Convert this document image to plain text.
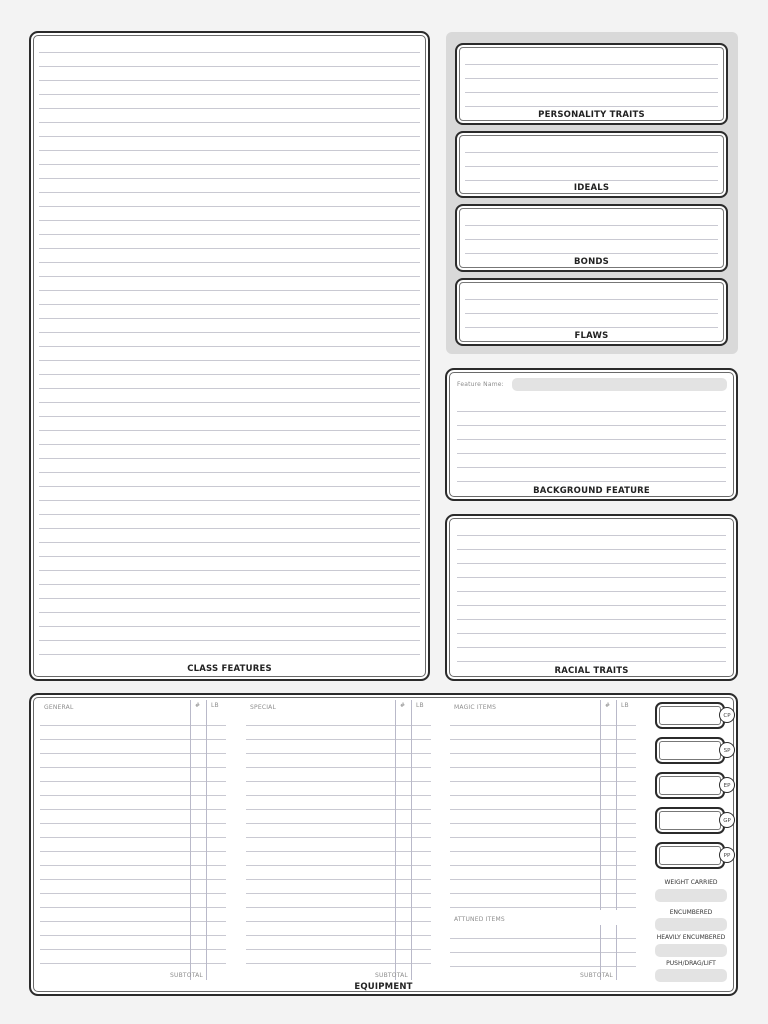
CLASS FEATURES
PERSONALITY TRAITS
IDEALS
BONDS
FLAWS
Feature Name:
BACKGROUND FEATURE
RACIAL TRAITS
EQUIPMENT
GENERAL	# LB
SUBTOTAL
SPECIAL	# LB
SUBTOTAL
MAGIC ITEMS	# LB
ATTUNED ITEMS
SUBTOTAL
CP
SP
EP
GP
PP
WEIGHT CARRIED
ENCUMBERED
HEAVILY ENCUMBERED
PUSH/DRAG/LIFT
